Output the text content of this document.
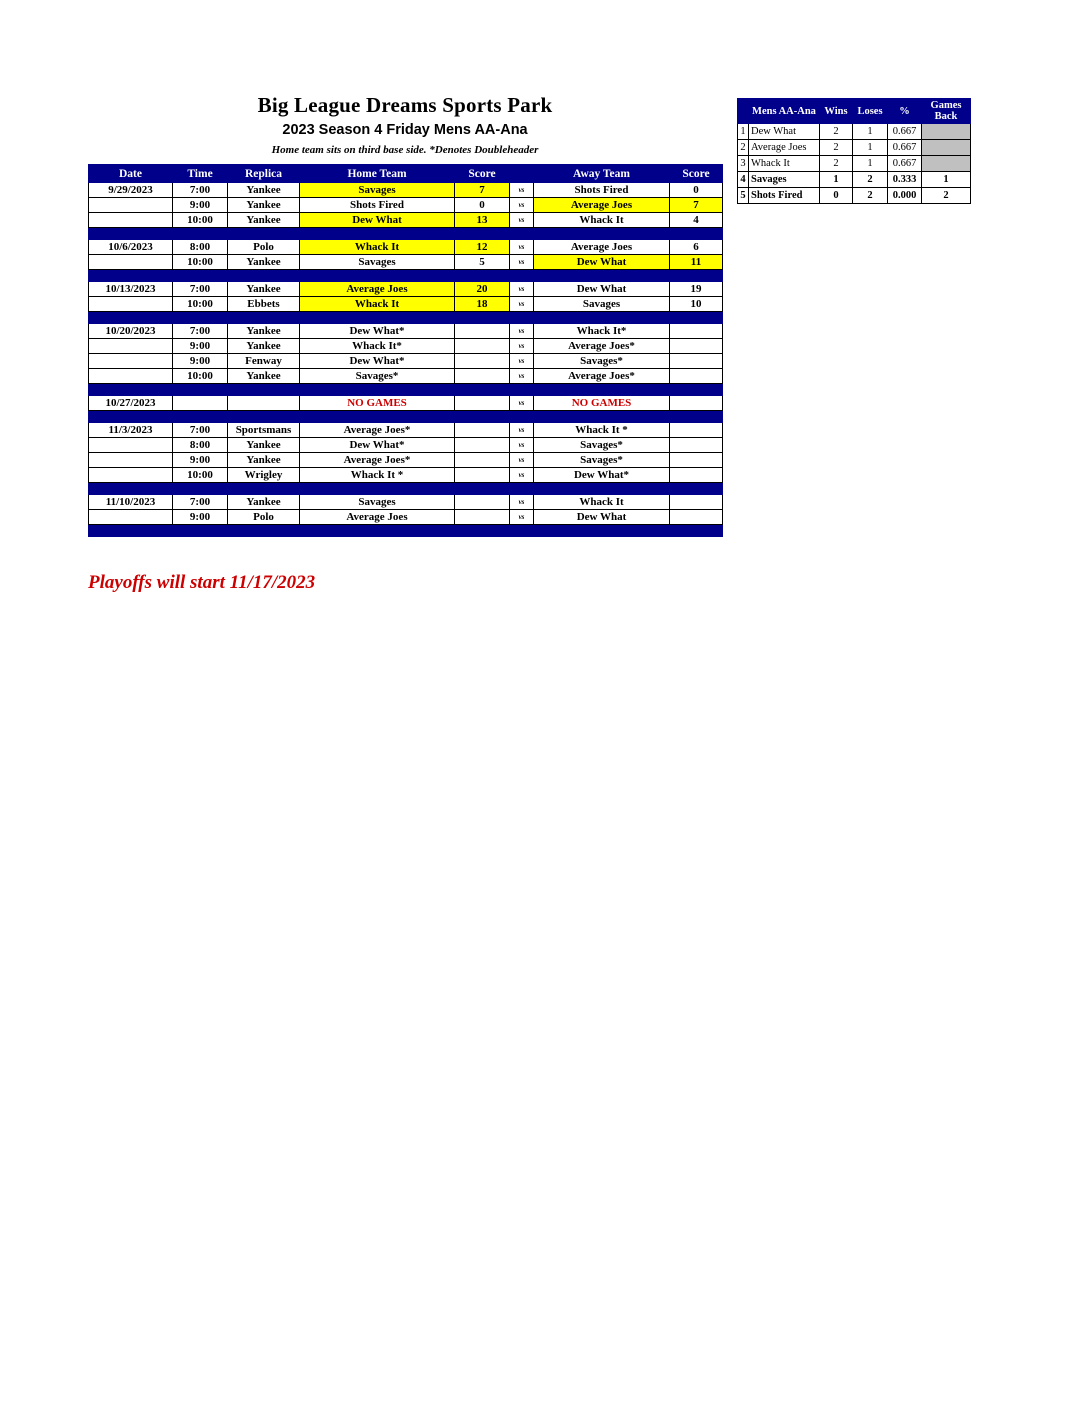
Big League Dreams Sports Park
2023 Season 4 Friday Mens AA-Ana
Home team sits on third base side. *Denotes Doubleheader
Date	Time	Replica	Home Team	Score		Away Team	Score
9/29/2023	7:00	Yankee	Savages	7	vs	Shots Fired	0
	9:00	Yankee	Shots Fired	0	vs	Average Joes	7
	10:00	Yankee	Dew What	13	vs	Whack It	4

10/6/2023	8:00	Polo	Whack It	12	vs	Average Joes	6
	10:00	Yankee	Savages	5	vs	Dew What	11

10/13/2023	7:00	Yankee	Average Joes	20	vs	Dew What	19
	10:00	Ebbets	Whack It	18	vs	Savages	10

10/20/2023	7:00	Yankee	Dew What*		vs	Whack It*	
	9:00	Yankee	Whack It*		vs	Average Joes*	
	9:00	Fenway	Dew What*		vs	Savages*	
	10:00	Yankee	Savages*		vs	Average Joes*	

10/27/2023			NO GAMES		vs	NO GAMES	

11/3/2023	7:00	Sportsmans	Average Joes*		vs	Whack It *	
	8:00	Yankee	Dew What*		vs	Savages*	
	9:00	Yankee	Average Joes*		vs	Savages*	
	10:00	Wrigley	Whack It *		vs	Dew What*	

11/10/2023	7:00	Yankee	Savages		vs	Whack It	
	9:00	Polo	Average Joes		vs	Dew What	

	Mens AA-Ana	Wins	Loses	%	Games Back
1	Dew What	2	1	0.667	
2	Average Joes	2	1	0.667	
3	Whack It	2	1	0.667	
4	Savages	1	2	0.333	1
5	Shots Fired	0	2	0.000	2
Playoffs will start 11/17/2023
